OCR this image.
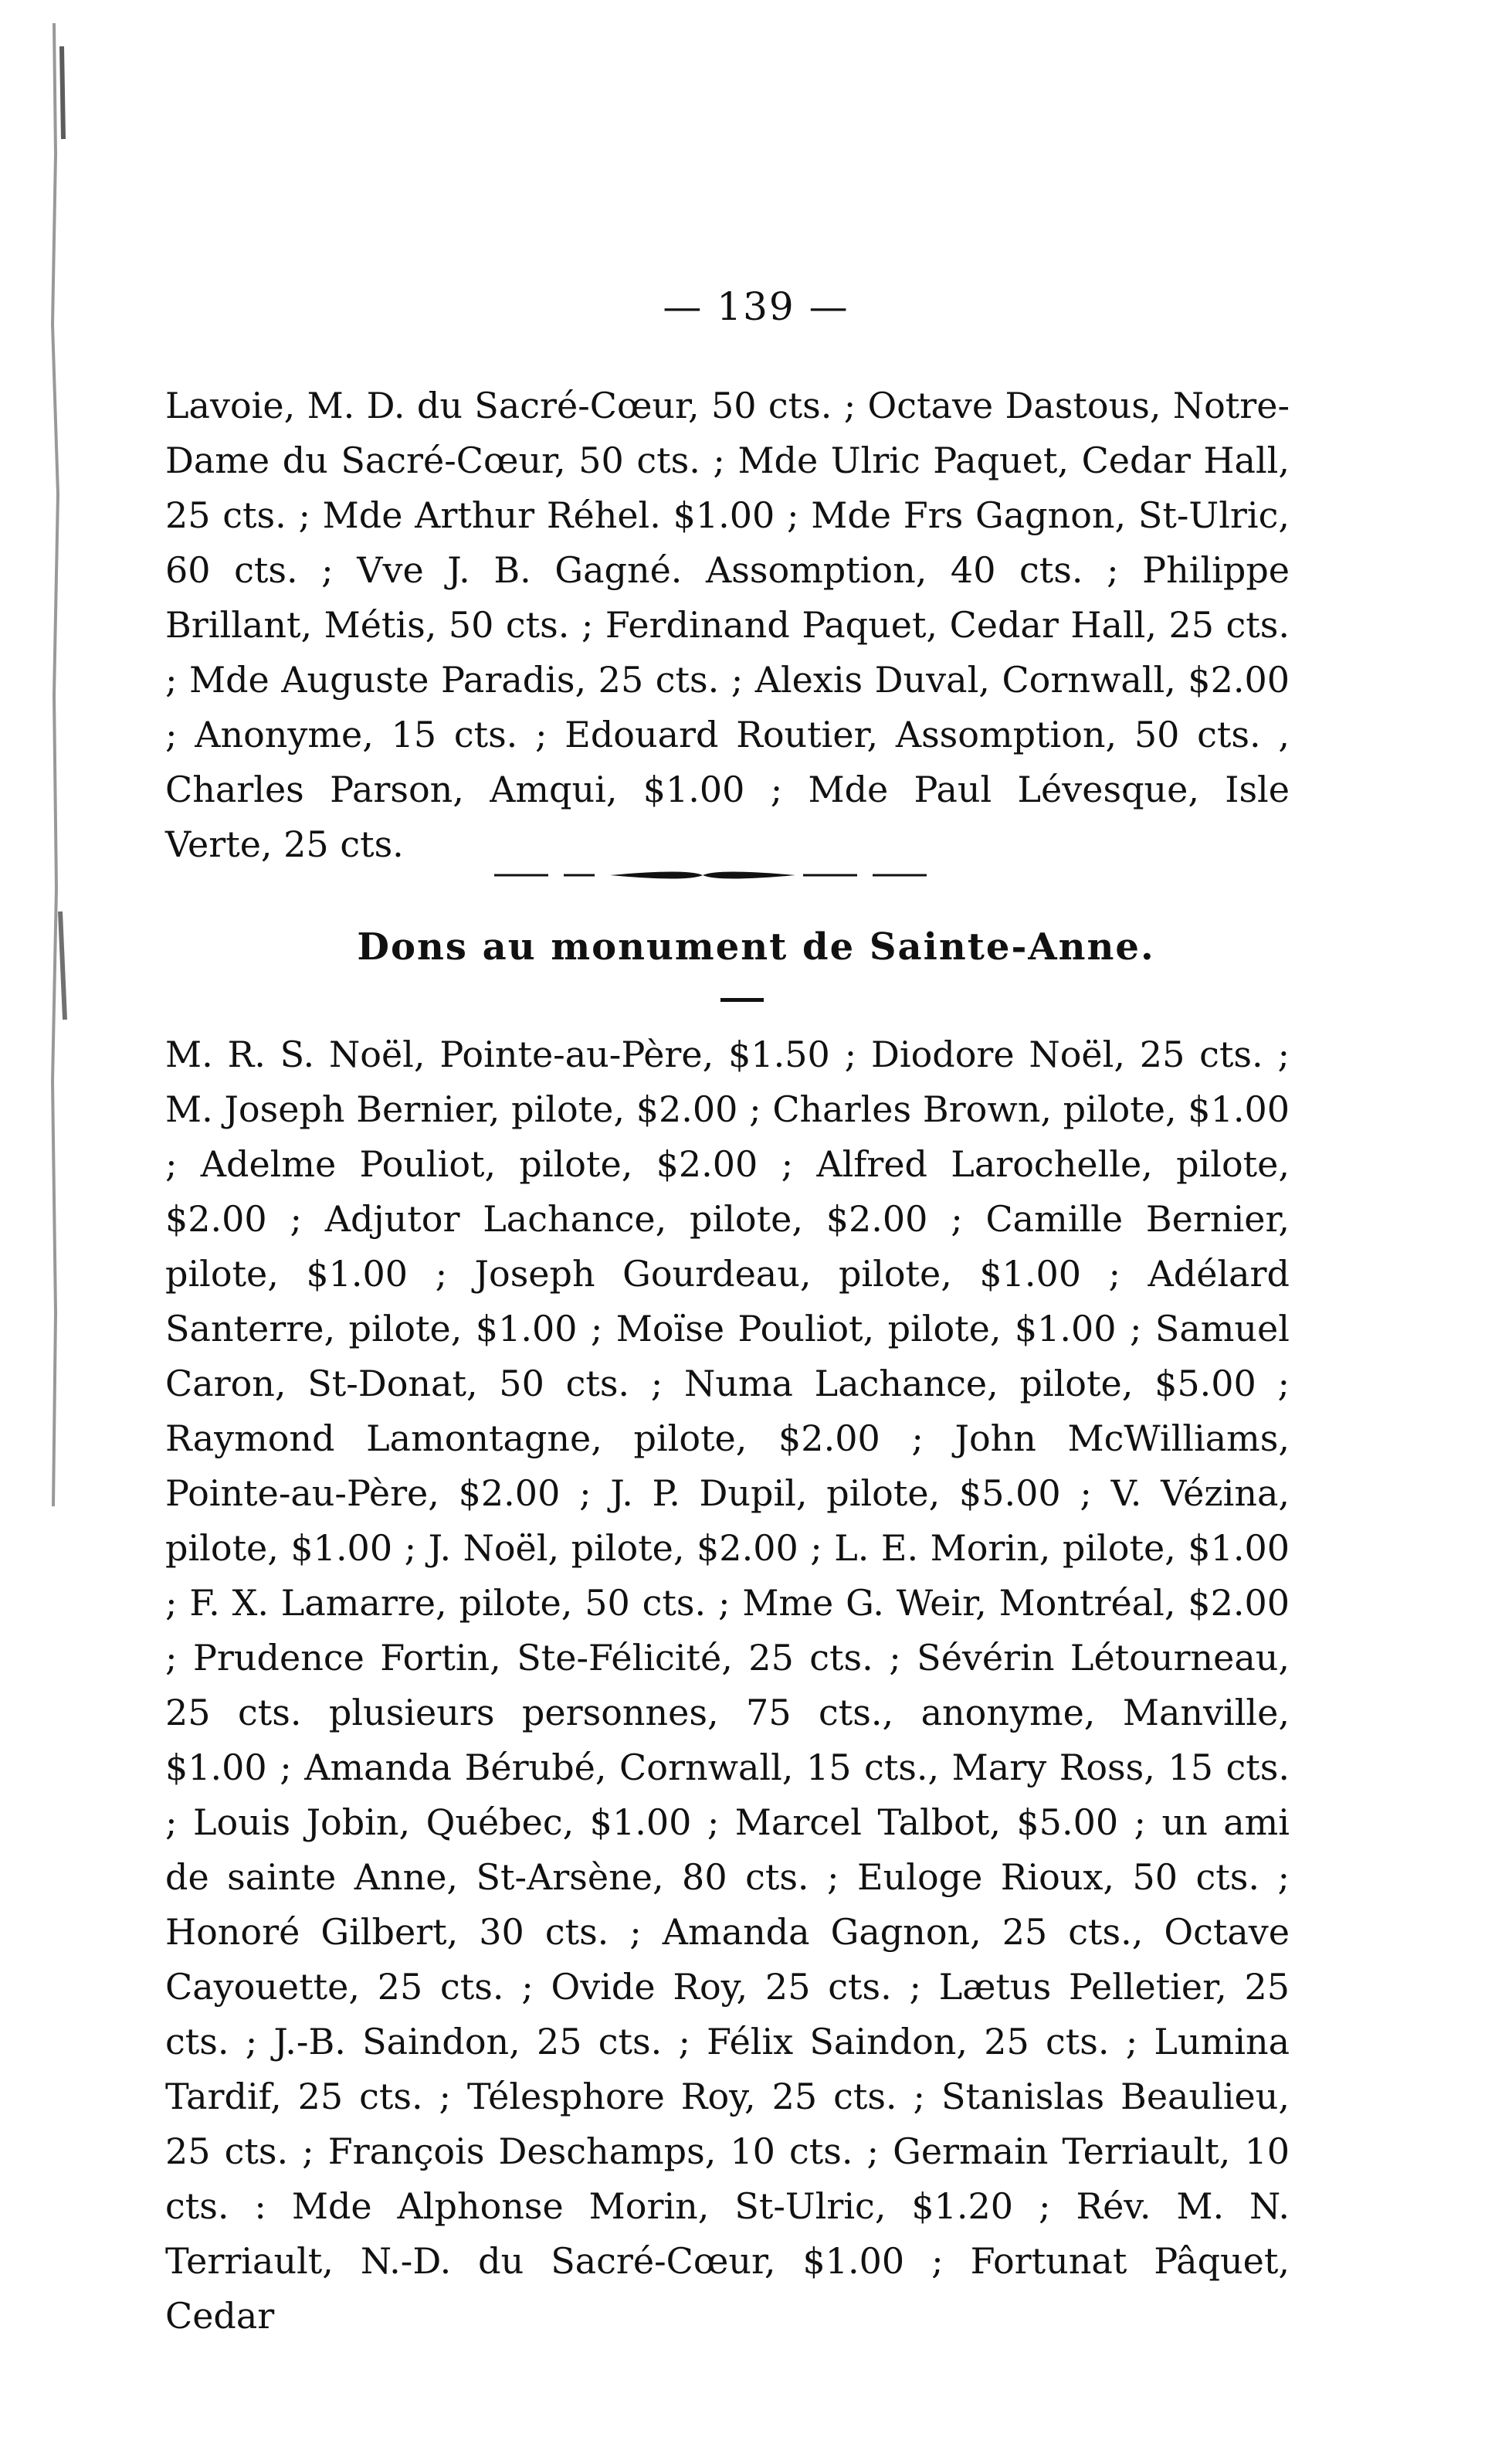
— 139 —

Lavoie, M. D. du Sacré-Cœur, 50 cts. ; Octave Dastous, Notre-Dame du Sacré-Cœur, 50 cts. ; Mde Ulric Paquet, Cedar Hall, 25 cts. ; Mde Arthur Réhel. $1.00 ; Mde Frs Gagnon, St-Ulric, 60 cts. ; Vve J. B. Gagné. Assomption, 40 cts. ; Philippe Brillant, Métis, 50 cts. ; Ferdinand Paquet, Cedar Hall, 25 cts. ; Mde Auguste Paradis, 25 cts. ; Alexis Duval, Cornwall, $2.00 ; Anonyme, 15 cts. ; Edouard Routier, Assomption, 50 cts. , Charles Parson, Amqui, $1.00 ; Mde Paul Lévesque, Isle Verte, 25 cts.

Dons au monument de Sainte-Anne.

M. R. S. Noël, Pointe-au-Père, $1.50 ; Diodore Noël, 25 cts. ; M. Joseph Bernier, pilote, $2.00 ; Charles Brown, pilote, $1.00 ; Adelme Pouliot, pilote, $2.00 ; Alfred Larochelle, pilote, $2.00 ; Adjutor Lachance, pilote, $2.00 ; Camille Bernier, pilote, $1.00 ; Joseph Gourdeau, pilote, $1.00 ; Adélard Santerre, pilote, $1.00 ; Moïse Pouliot, pilote, $1.00 ; Samuel Caron, St-Donat, 50 cts. ; Numa Lachance, pilote, $5.00 ; Raymond Lamontagne, pilote, $2.00 ; John McWilliams, Pointe-au-Père, $2.00 ; J. P. Dupil, pilote, $5.00 ; V. Vézina, pilote, $1.00 ; J. Noël, pilote, $2.00 ; L. E. Morin, pilote, $1.00 ; F. X. Lamarre, pilote, 50 cts. ; Mme G. Weir, Montréal, $2.00 ; Prudence Fortin, Ste-Félicité, 25 cts. ; Sévérin Létourneau, 25 cts. plusieurs personnes, 75 cts., anonyme, Manville, $1.00 ; Amanda Bérubé, Cornwall, 15 cts., Mary Ross, 15 cts. ; Louis Jobin, Québec, $1.00 ; Marcel Talbot, $5.00 ; un ami de sainte Anne, St-Arsène, 80 cts. ; Euloge Rioux, 50 cts. ; Honoré Gilbert, 30 cts. ; Amanda Gagnon, 25 cts., Octave Cayouette, 25 cts. ; Ovide Roy, 25 cts. ; Lætus Pelletier, 25 cts. ; J.-B. Saindon, 25 cts. ; Félix Saindon, 25 cts. ; Lumina Tardif, 25 cts. ; Télesphore Roy, 25 cts. ; Stanislas Beaulieu, 25 cts. ; François Deschamps, 10 cts. ; Germain Terriault, 10 cts. : Mde Alphonse Morin, St-Ulric, $1.20 ; Rév. M. N. Terriault, N.-D. du Sacré-Cœur, $1.00 ; Fortunat Pâquet, Cedar
